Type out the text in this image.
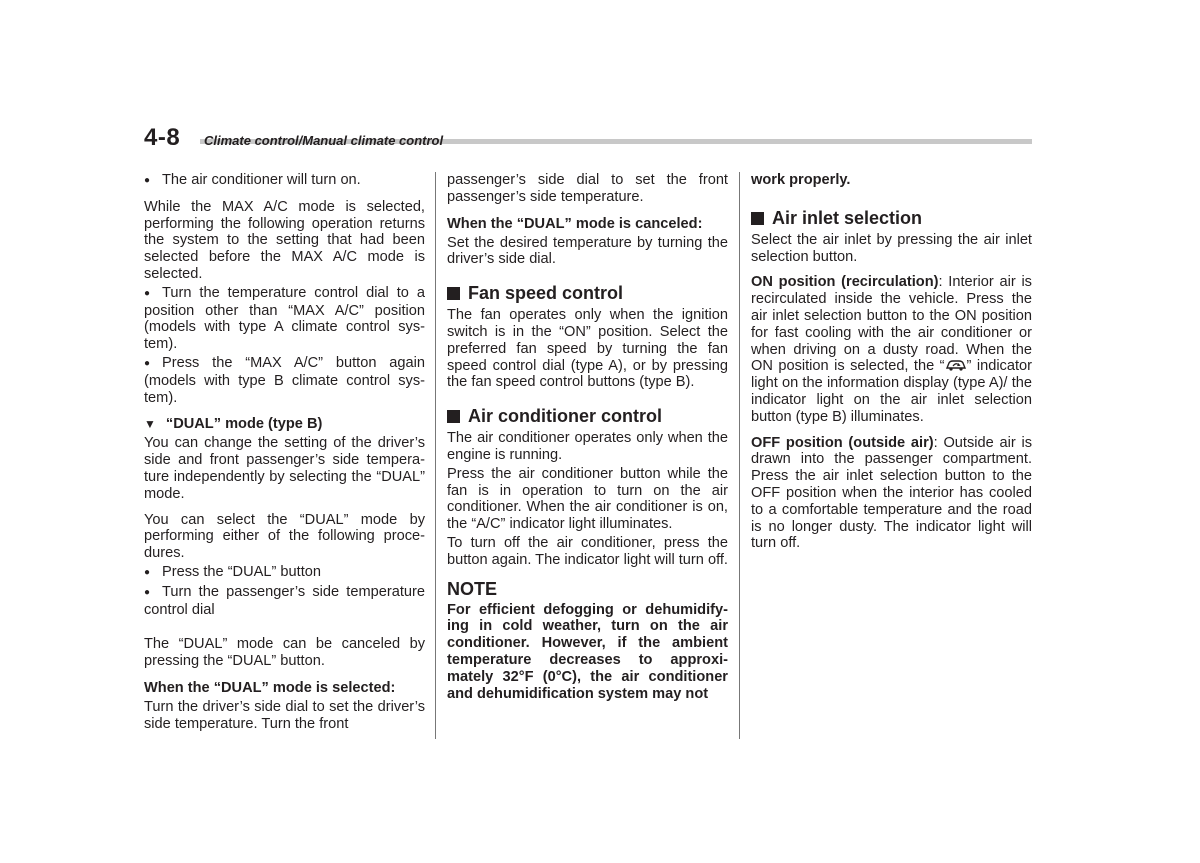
4-8 Climate control/Manual climate control

● The air conditioner will turn on.

While the MAX A/C mode is selected, performing the following operation returns the system to the setting that had been selected before the MAX A/C mode is selected.

● Turn the temperature control dial to a position other than “MAX A/C” position (models with type A climate control sys-tem).

● Press the “MAX A/C” button again (models with type B climate control sys-tem).

▼ “DUAL” mode (type B)

You can change the setting of the driver’s side and front passenger’s side tempera-ture independently by selecting the “DUAL” mode.

You can select the “DUAL” mode by performing either of the following proce-dures.

● Press the “DUAL” button

● Turn the passenger’s side temperature control dial

The “DUAL” mode can be canceled by pressing the “DUAL” button.

When the “DUAL” mode is selected:

Turn the driver’s side dial to set the driver’s side temperature. Turn the front

passenger’s side dial to set the front passenger’s side temperature.

When the “DUAL” mode is canceled:

Set the desired temperature by turning the driver’s side dial.

Fan speed control

The fan operates only when the ignition switch is in the “ON” position. Select the preferred fan speed by turning the fan speed control dial (type A), or by pressing the fan speed control buttons (type B).

Air conditioner control

The air conditioner operates only when the engine is running.

Press the air conditioner button while the fan is in operation to turn on the air conditioner. When the air conditioner is on, the “A/C” indicator light illuminates.

To turn off the air conditioner, press the button again. The indicator light will turn off.

NOTE

For efficient defogging or dehumidify-ing in cold weather, turn on the air conditioner. However, if the ambient temperature decreases to approxi-mately 32°F (0°C), the air conditioner and dehumidification system may not

work properly.

Air inlet selection

Select the air inlet by pressing the air inlet selection button.

ON position (recirculation): Interior air is recirculated inside the vehicle. Press the air inlet selection button to the ON position for fast cooling with the air conditioner or when driving on a dusty road. When the ON position is selected, the “ ” indicator light on the information display (type A)/ the indicator light on the air inlet selection button (type B) illuminates.

OFF position (outside air): Outside air is drawn into the passenger compartment. Press the air inlet selection button to the OFF position when the interior has cooled to a comfortable temperature and the road is no longer dusty. The indicator light will turn off.
